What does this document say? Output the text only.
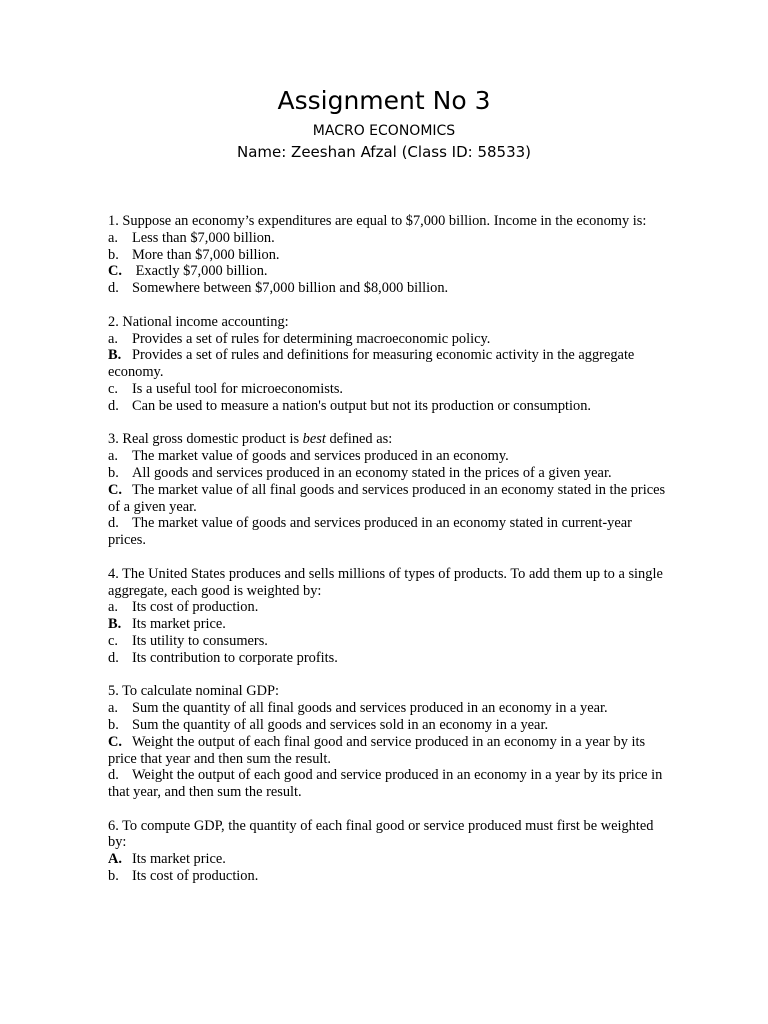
Assignment No 3
MACRO ECONOMICS
Name: Zeeshan Afzal (Class ID: 58533)
1. Suppose an economy’s expenditures are equal to $7,000 billion. Income in the economy is:
a. Less than $7,000 billion.
b. More than $7,000 billion.
C. Exactly $7,000 billion.
d. Somewhere between $7,000 billion and $8,000 billion.
2. National income accounting:
a. Provides a set of rules for determining macroeconomic policy.
B. Provides a set of rules and definitions for measuring economic activity in the aggregate economy.
c. Is a useful tool for microeconomists.
d. Can be used to measure a nation's output but not its production or consumption.
3. Real gross domestic product is best defined as:
a. The market value of goods and services produced in an economy.
b. All goods and services produced in an economy stated in the prices of a given year.
C. The market value of all final goods and services produced in an economy stated in the prices of a given year.
d. The market value of goods and services produced in an economy stated in current-year prices.
4. The United States produces and sells millions of types of products. To add them up to a single aggregate, each good is weighted by:
a. Its cost of production.
B. Its market price.
c. Its utility to consumers.
d. Its contribution to corporate profits.
5. To calculate nominal GDP:
a. Sum the quantity of all final goods and services produced in an economy in a year.
b. Sum the quantity of all goods and services sold in an economy in a year.
C. Weight the output of each final good and service produced in an economy in a year by its price that year and then sum the result.
d. Weight the output of each good and service produced in an economy in a year by its price in that year, and then sum the result.
6. To compute GDP, the quantity of each final good or service produced must first be weighted by:
A. Its market price.
b. Its cost of production.
